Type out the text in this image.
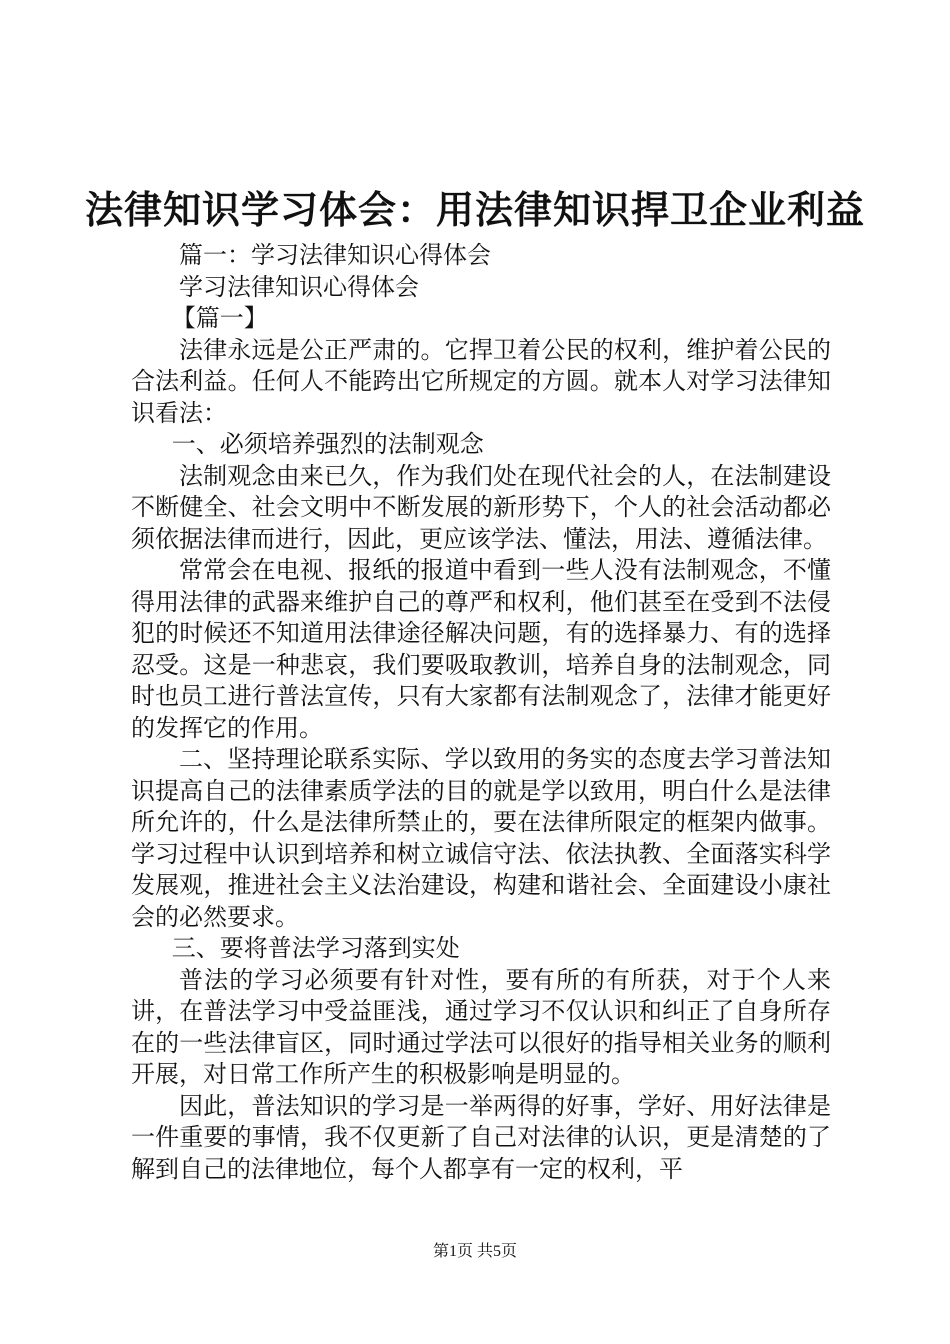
法律知识学习体会：用法律知识捍卫企业利益

篇一：学习法律知识心得体会

学习法律知识心得体会

【篇一】

法律永远是公正严肃的。它捍卫着公民的权利，维护着公民的合法利益。任何人不能跨出它所规定的方圆。就本人对学习法律知识看法：

一、必须培养强烈的法制观念

法制观念由来已久，作为我们处在现代社会的人，在法制建设不断健全、社会文明中不断发展的新形势下，个人的社会活动都必须依据法律而进行，因此，更应该学法、懂法，用法、遵循法律。

常常会在电视、报纸的报道中看到一些人没有法制观念，不懂得用法律的武器来维护自己的尊严和权利，他们甚至在受到不法侵犯的时候还不知道用法律途径解决问题，有的选择暴力、有的选择忍受。这是一种悲哀，我们要吸取教训，培养自身的法制观念，同时也员工进行普法宣传，只有大家都有法制观念了，法律才能更好的发挥它的作用。

二、坚持理论联系实际、学以致用的务实的态度去学习普法知识提高自己的法律素质学法的目的就是学以致用，明白什么是法律所允许的，什么是法律所禁止的，要在法律所限定的框架内做事。学习过程中认识到培养和树立诚信守法、依法执教、全面落实科学发展观，推进社会主义法治建设，构建和谐社会、全面建设小康社会的必然要求。

三、要将普法学习落到实处

普法的学习必须要有针对性，要有所的有所获，对于个人来讲，在普法学习中受益匪浅，通过学习不仅认识和纠正了自身所存在的一些法律盲区，同时通过学法可以很好的指导相关业务的顺利开展，对日常工作所产生的积极影响是明显的。

因此，普法知识的学习是一举两得的好事，学好、用好法律是一件重要的事情，我不仅更新了自己对法律的认识，更是清楚的了解到自己的法律地位，每个人都享有一定的权利，平

第1页 共5页
